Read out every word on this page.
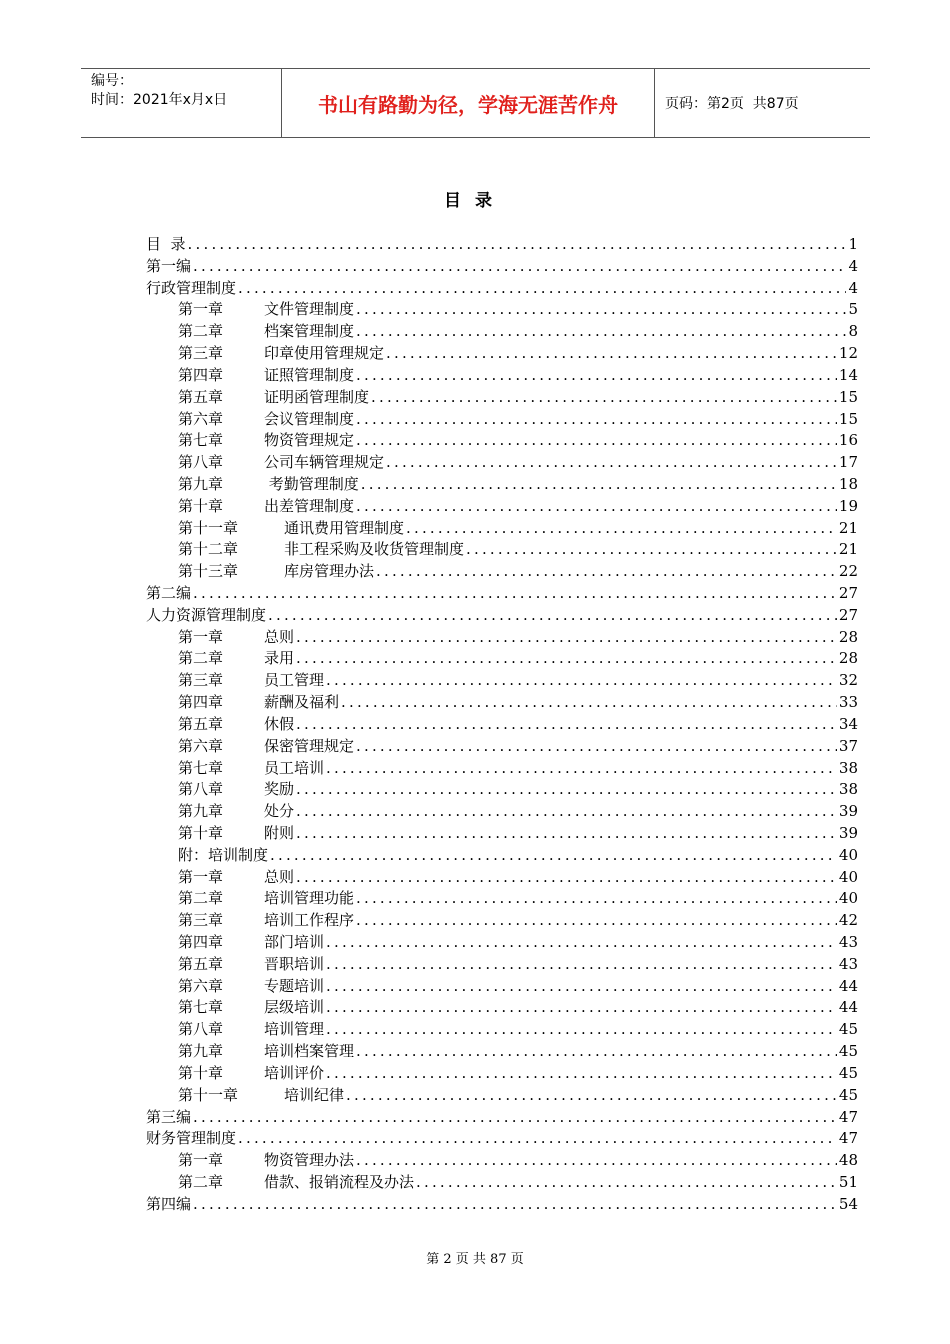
编号：
时间：2021年x月x日	书山有路勤为径，学海无涯苦作舟	页码：第2页  共87页
目录
目  录 .....	1
第一编 .....	4
行政管理制度 .....	4
第一章	文件管理制度 .....	5
第二章	档案管理制度 .....	8
第三章	印章使用管理规定 .....	12
第四章	证照管理制度 .....	14
第五章	证明函管理制度 .....	15
第六章	会议管理制度 .....	15
第七章	物资管理规定 .....	16
第八章	公司车辆管理规定 .....	17
第九章	考勤管理制度 .....	18
第十章	出差管理制度 .....	19
第十一章	通讯费用管理制度 .....	21
第十二章	非工程采购及收货管理制度 .....	21
第十三章	库房管理办法 .....	22
第二编 .....	27
人力资源管理制度 .....	27
第一章	总则 .....	28
第二章	录用 .....	28
第三章	员工管理 .....	32
第四章	薪酬及福利 .....	33
第五章	休假 .....	34
第六章	保密管理规定 .....	37
第七章	员工培训 .....	38
第八章	奖励 .....	38
第九章	处分 .....	39
第十章	附则 .....	39
附：培训制度 .....	40
第一章	总则 .....	40
第二章	培训管理功能 .....	40
第三章	培训工作程序 .....	42
第四章	部门培训 .....	43
第五章	晋职培训 .....	43
第六章	专题培训 .....	44
第七章	层级培训 .....	44
第八章	培训管理 .....	45
第九章	培训档案管理 .....	45
第十章	培训评价 .....	45
第十一章	培训纪律 .....	45
第三编 .....	47
财务管理制度 .....	47
第一章	物资管理办法 .....	48
第二章	借款、报销流程及办法 .....	51
第四编 .....	54
第 2 页 共 87 页
